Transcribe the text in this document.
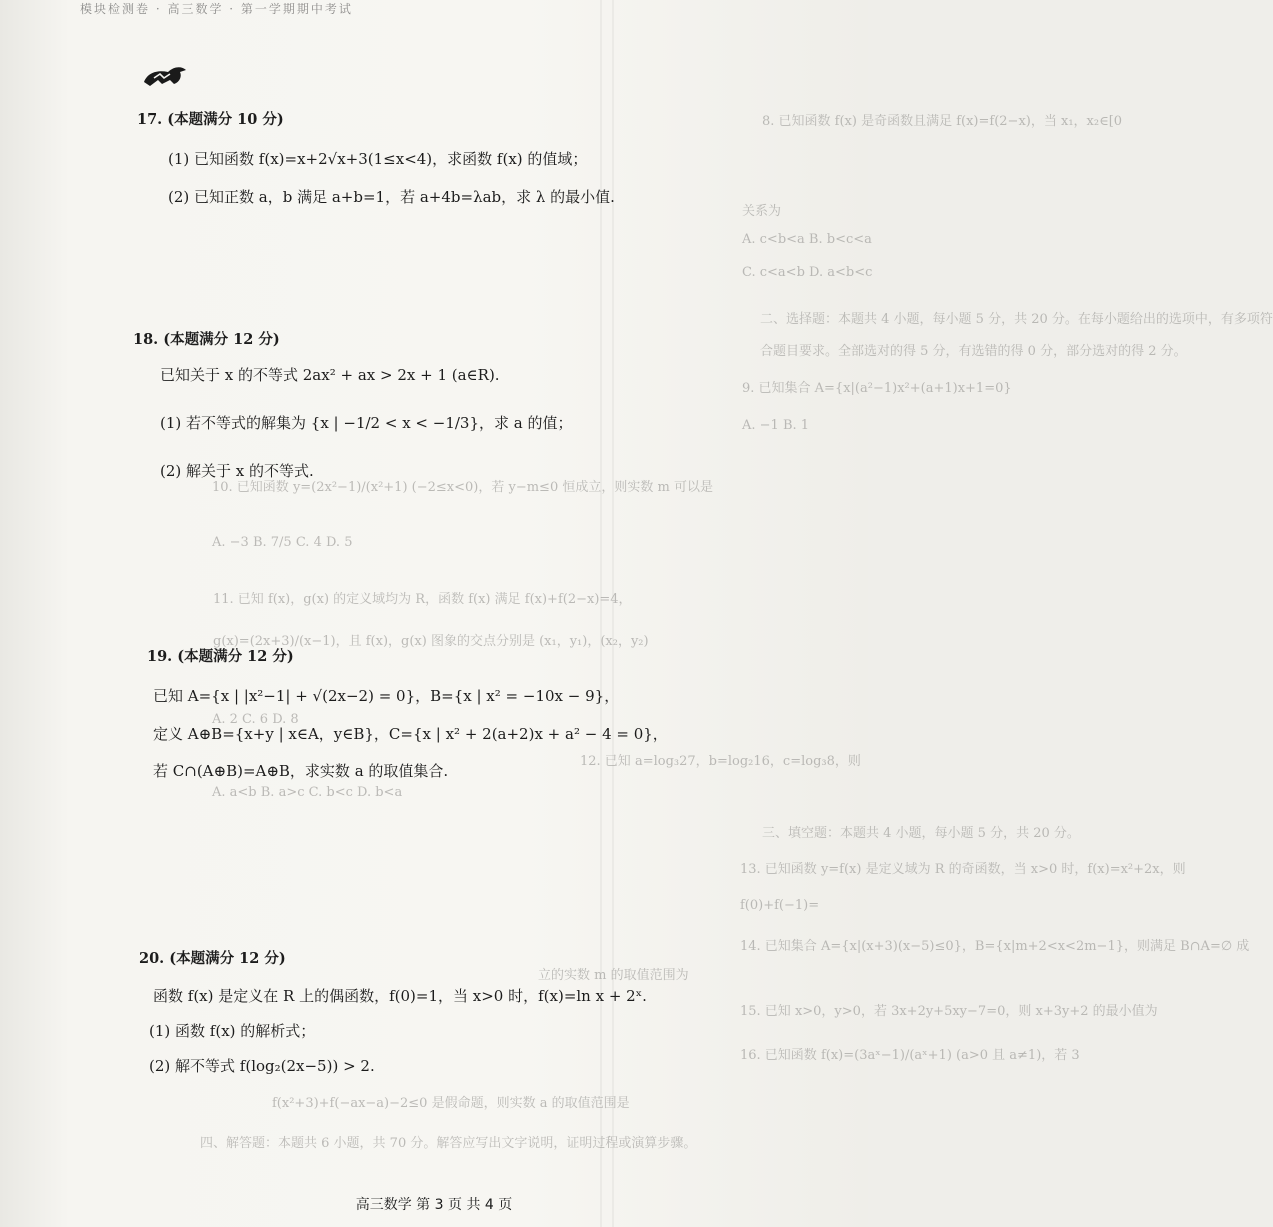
模块检测卷 · 高三数学 · 第一学期期中考试
8. 已知函数 f(x) 是奇函数且满足 f(x)=f(2−x)，当 x₁，x₂∈[0
关系为
A. c<b<a B. b<c<a
C. c<a<b D. a<b<c
二、选择题：本题共 4 小题，每小题 5 分，共 20 分。在每小题给出的选项中，有多项符
合题目要求。全部选对的得 5 分，有选错的得 0 分，部分选对的得 2 分。
9. 已知集合 A={x|(a²−1)x²+(a+1)x+1=0}
A. −1 B. 1
10. 已知函数 y=(2x²−1)/(x²+1) (−2≤x<0)，若 y−m≤0 恒成立，则实数 m 可以是
A. −3 B. 7/5 C. 4 D. 5
11. 已知 f(x)，g(x) 的定义域均为 R，函数 f(x) 满足 f(x)+f(2−x)=4，
g(x)=(2x+3)/(x−1)，且 f(x)，g(x) 图象的交点分别是 (x₁，y₁)，(x₂，y₂)
A. 2 C. 6 D. 8
12. 已知 a=log₃27，b=log₂16，c=log₃8，则
A. a<b B. a>c C. b<c D. b<a
三、填空题：本题共 4 小题，每小题 5 分，共 20 分。
13. 已知函数 y=f(x) 是定义域为 R 的奇函数，当 x>0 时，f(x)=x²+2x，则
f(0)+f(−1)=
14. 已知集合 A={x|(x+3)(x−5)≤0}，B={x|m+2<x<2m−1}，则满足 B∩A=∅ 成
立的实数 m 的取值范围为
15. 已知 x>0，y>0，若 3x+2y+5xy−7=0，则 x+3y+2 的最小值为
16. 已知函数 f(x)=(3aˣ−1)/(aˣ+1) (a>0 且 a≠1)，若 3
f(x²+3)+f(−ax−a)−2≤0 是假命题，则实数 a 的取值范围是
四、解答题：本题共 6 小题，共 70 分。解答应写出文字说明，证明过程或演算步骤。
17. (本题满分 10 分)
(1) 已知函数 f(x)=x+2√x+3(1≤x<4)，求函数 f(x) 的值域；
(2) 已知正数 a，b 满足 a+b=1，若 a+4b=λab，求 λ 的最小值.
18. (本题满分 12 分)
已知关于 x 的不等式 2ax² + ax > 2x + 1 (a∈R).
(1) 若不等式的解集为 {x | −1/2 < x < −1/3}，求 a 的值；
(2) 解关于 x 的不等式.
19. (本题满分 12 分)
已知 A={x | |x²−1| + √(2x−2) = 0}，B={x | x² = −10x − 9}，
定义 A⊕B={x+y | x∈A，y∈B}，C={x | x² + 2(a+2)x + a² − 4 = 0}，
若 C∩(A⊕B)=A⊕B，求实数 a 的取值集合.
20. (本题满分 12 分)
函数 f(x) 是定义在 R 上的偶函数，f(0)=1，当 x>0 时，f(x)=ln x + 2ˣ.
(1) 函数 f(x) 的解析式；
(2) 解不等式 f(log₂(2x−5)) > 2.
高三数学 第 3 页 共 4 页
